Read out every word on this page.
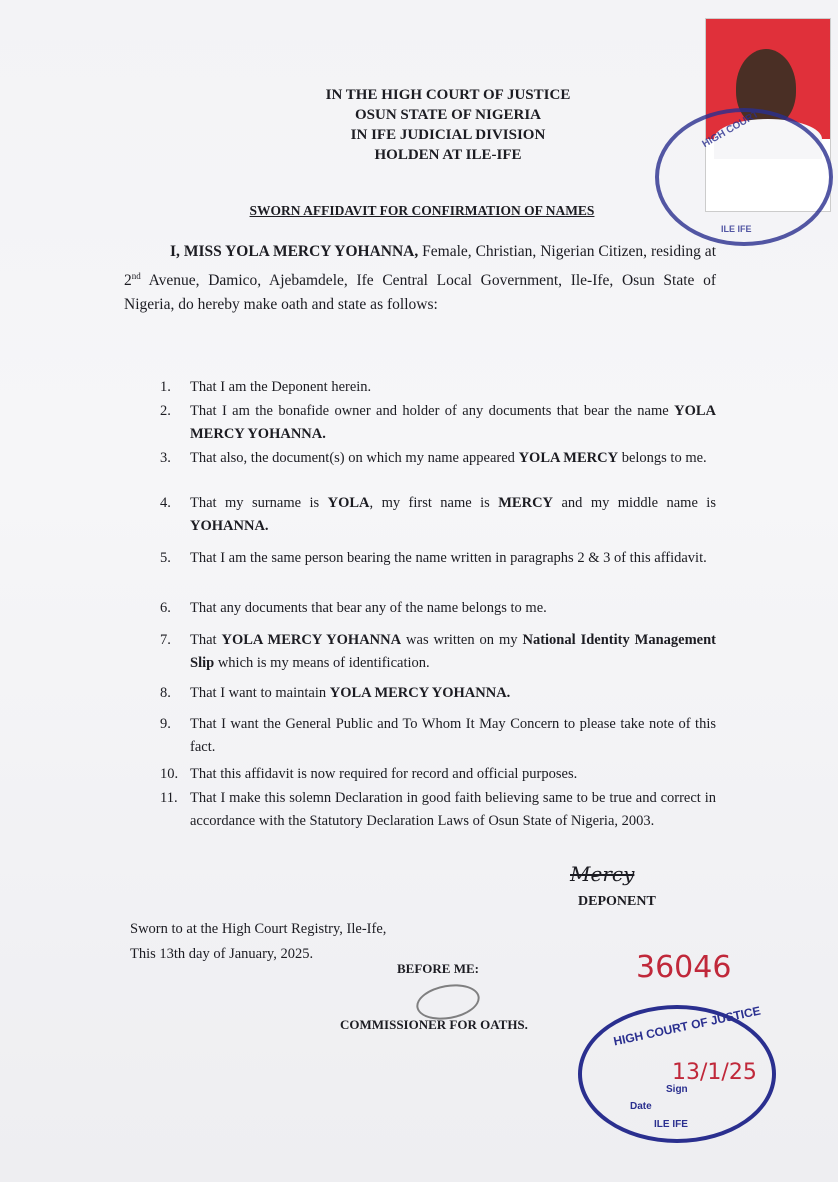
HIGH COURT
ILE IFE
IN THE HIGH COURT OF JUSTICE
OSUN STATE OF NIGERIA
IN IFE JUDICIAL DIVISION
HOLDEN AT ILE-IFE
SWORN AFFIDAVIT FOR CONFIRMATION OF NAMES
I, MISS YOLA MERCY YOHANNA, Female, Christian, Nigerian Citizen, residing at 2nd Avenue, Damico, Ajebamdele, Ife Central Local Government, Ile-Ife, Osun State of Nigeria, do hereby make oath and state as follows:
1.	That I am the Deponent herein.
2.	That I am the bonafide owner and holder of any documents that bear the name YOLA MERCY YOHANNA.
3.	That also, the document(s) on which my name appeared YOLA MERCY belongs to me.
4.	That my surname is YOLA, my first name is MERCY and my middle name is YOHANNA.
5.	That I am the same person bearing the name written in paragraphs 2 & 3 of this affidavit.
6.	That any documents that bear any of the name belongs to me.
7.	That YOLA MERCY YOHANNA was written on my National Identity Management Slip which is my means of identification.
8.	That I want to maintain YOLA MERCY YOHANNA.
9.	That I want the General Public and To Whom It May Concern to please take note of this fact.
10. That this affidavit is now required for record and official purposes.
11. That I make this solemn Declaration in good faith believing same to be true and correct in accordance with the Statutory Declaration Laws of Osun State of Nigeria, 2003.
Mercy
DEPONENT
Sworn to at the High Court Registry, Ile-Ife,
This 13th day of January, 2025.
BEFORE ME:
COMMISSIONER FOR OATHS.	HIGH COURT OF JUSTICE
Sign
Date
ILE IFE
36046
13/1/25
